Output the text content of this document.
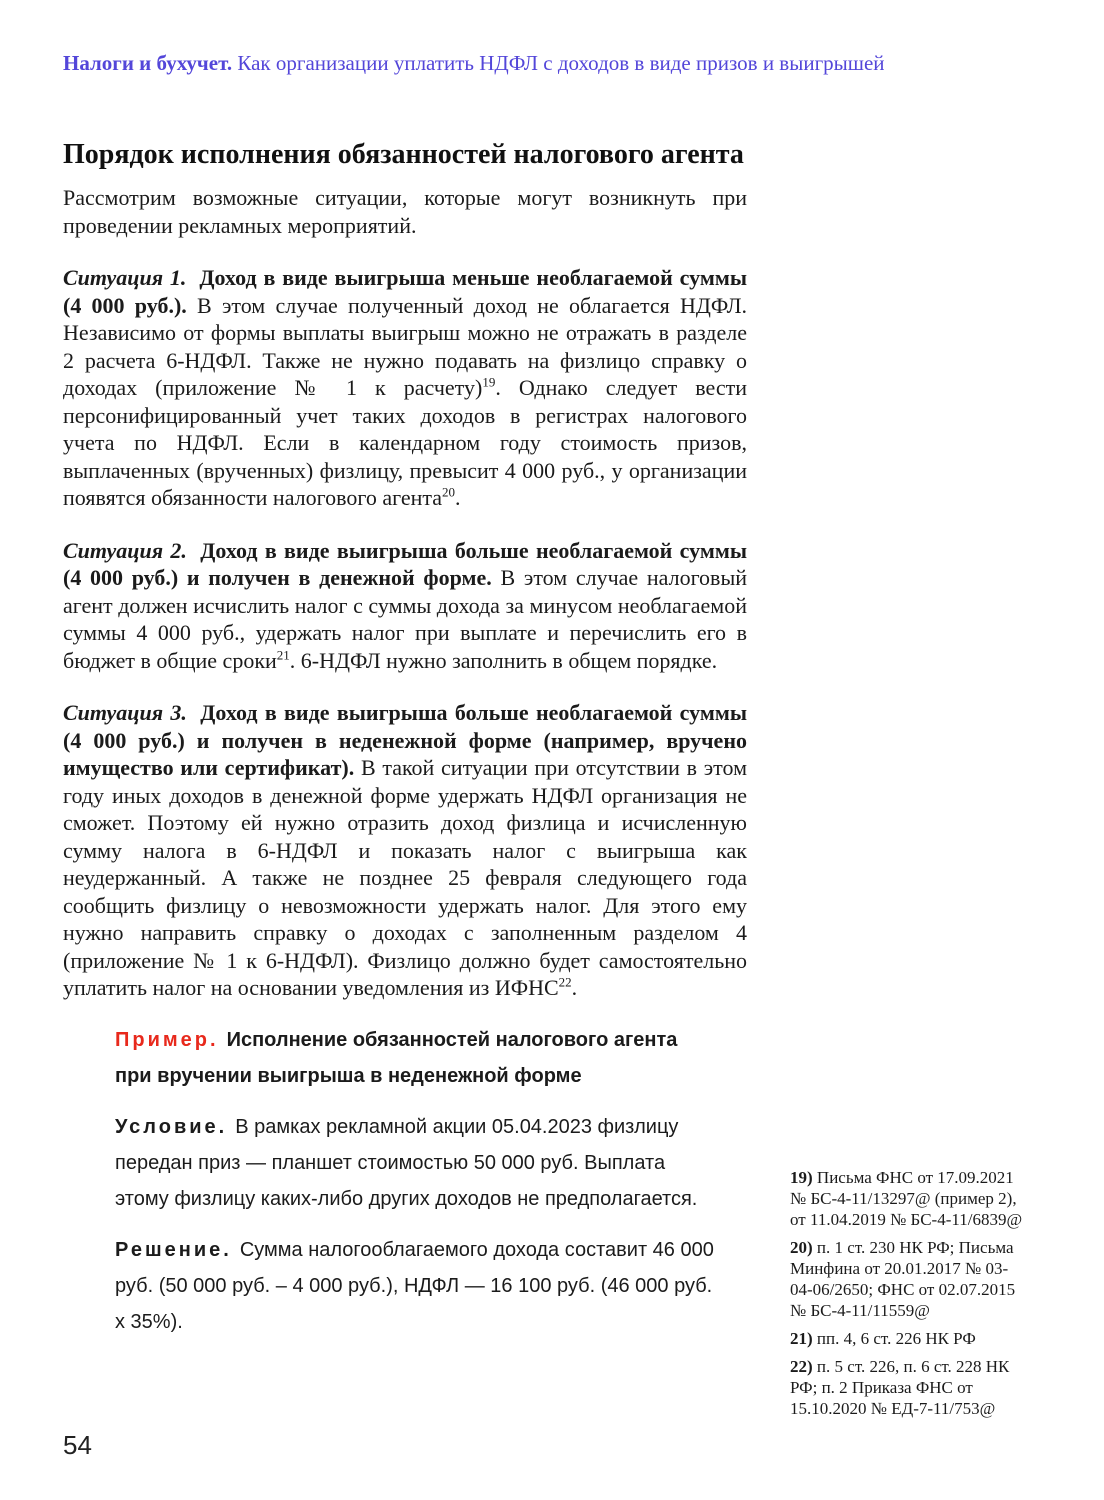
Налоги и бухучет. Как организации уплатить НДФЛ с доходов в виде призов и выигрышей
Порядок исполнения обязанностей налогового агента

Рассмотрим возможные ситуации, которые могут возникнуть при проведении рекламных мероприятий.

Ситуация 1. Доход в виде выигрыша меньше необлагаемой суммы (4 000 руб.). В этом случае полученный доход не облагается НДФЛ. Независимо от формы выплаты выигрыш можно не отражать в разделе 2 расчета 6-НДФЛ. Также не нужно подавать на физлицо справку о доходах (приложение № 1 к расчету)$^{19}$. Однако следует вести персонифицированный учет таких доходов в регистрах налогового учета по НДФЛ. Если в календарном году стоимость призов, выплаченных (врученных) физлицу, превысит 4 000 руб., у организации появятся обязанности налогового агента$^{20}$.

Ситуация 2. Доход в виде выигрыша больше необлагаемой суммы (4 000 руб.) и получен в денежной форме. В этом случае налоговый агент должен исчислить налог с суммы дохода за минусом необлагаемой суммы 4 000 руб., удержать налог при выплате и перечислить его в бюджет в общие сроки$^{21}$. 6-НДФЛ нужно заполнить в общем порядке.

Ситуация 3. Доход в виде выигрыша больше необлагаемой суммы (4 000 руб.) и получен в неденежной форме (например, вручено имущество или сертификат). В такой ситуации при отсутствии в этом году иных доходов в денежной форме удержать НДФЛ организация не сможет. Поэтому ей нужно отразить доход физлица и исчисленную сумму налога в 6-НДФЛ и показать налог с выигрыша как неудержанный. А также не позднее 25 февраля следующего года сообщить физлицу о невозможности удержать налог. Для этого ему нужно направить справку о доходах с заполненным разделом 4 (приложение № 1 к 6-НДФЛ). Физлицо должно будет самостоятельно уплатить налог на основании уведомления из ИФНС$^{22}$.

Пример. Исполнение обязанностей налогового агента при вручении выигрыша в неденежной форме

Условие. В рамках рекламной акции 05.04.2023 физлицу передан приз — планшет стоимостью 50 000 руб. Выплата этому физлицу каких-либо других доходов не предполагается.

Решение. Сумма налогооблагаемого дохода составит 46 000 руб. (50 000 руб. – 4 000 руб.), НДФЛ — 16 100 руб. (46 000 руб. х 35%).

19) Письма ФНС от 17.09.2021 № БС-4-11/13297@ (пример 2), от 11.04.2019 № БС-4-11/6839@
20) п. 1 ст. 230 НК РФ; Письма Минфина от 20.01.2017 № 03-04-06/2650; ФНС от 02.07.2015 № БС-4-11/11559@
21) пп. 4, 6 ст. 226 НК РФ
22) п. 5 ст. 226, п. 6 ст. 228 НК РФ; п. 2 Приказа ФНС от 15.10.2020 № ЕД-7-11/753@
54
